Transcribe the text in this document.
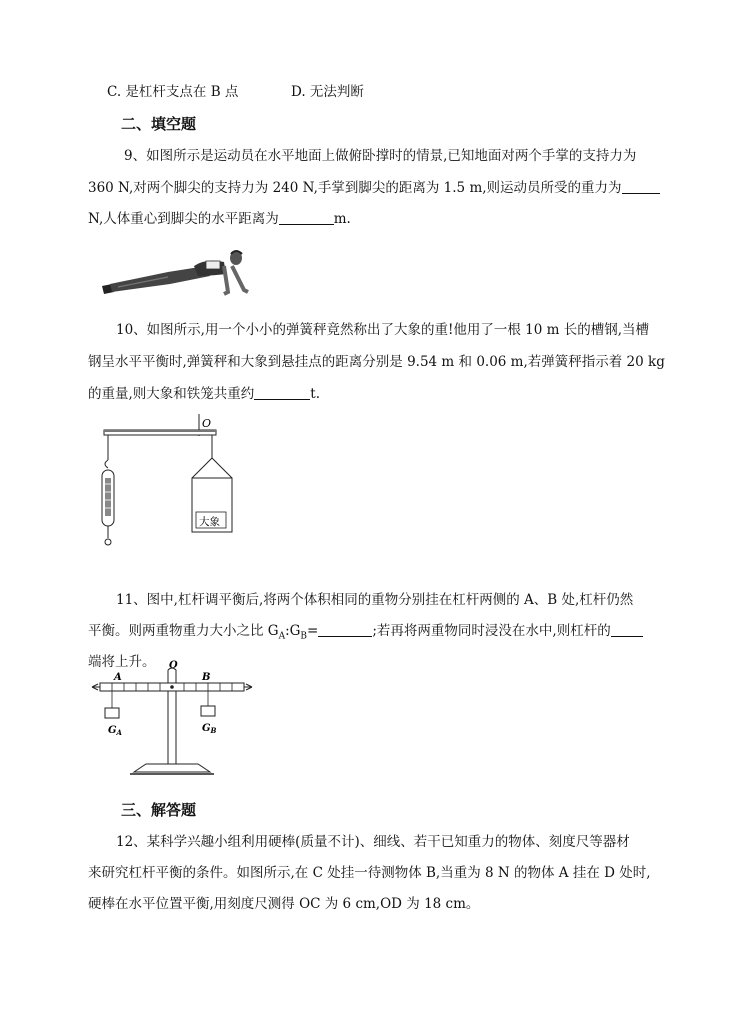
C. 是杠杆支点在 B 点	D. 无法判断
二、填空题
9、如图所示是运动员在水平地面上做俯卧撑时的情景,已知地面对两个手掌的支持力为
360 N,对两个脚尖的支持力为 240 N,手掌到脚尖的距离为 1.5 m,则运动员所受的重力为
N,人体重心到脚尖的水平距离为	m.
10、如图所示,用一个小小的弹簧秤竟然称出了大象的重!他用了一根 10 m 长的槽钢,当槽
钢呈水平平衡时,弹簧秤和大象到悬挂点的距离分别是 9.54 m 和 0.06 m,若弹簧秤指示着 20 kg
的重量,则大象和铁笼共重约	t.
O
大象
11、图中,杠杆调平衡后,将两个体积相同的重物分别挂在杠杆两侧的 A、B 处,杠杆仍然
平衡。则两重物重力大小之比 $G_A:G_B=$	;若再将两重物同时浸没在水中,则杠杆的
端将上升。
A
O
B
$G_A$	$G_B$
三、解答题
12、某科学兴趣小组利用硬棒(质量不计)、细线、若干已知重力的物体、刻度尺等器材
来研究杠杆平衡的条件。如图所示,在 C 处挂一待测物体 B,当重为 8 N 的物体 A 挂在 D 处时,
硬棒在水平位置平衡,用刻度尺测得 OC 为 6 cm,OD 为 18 cm。
